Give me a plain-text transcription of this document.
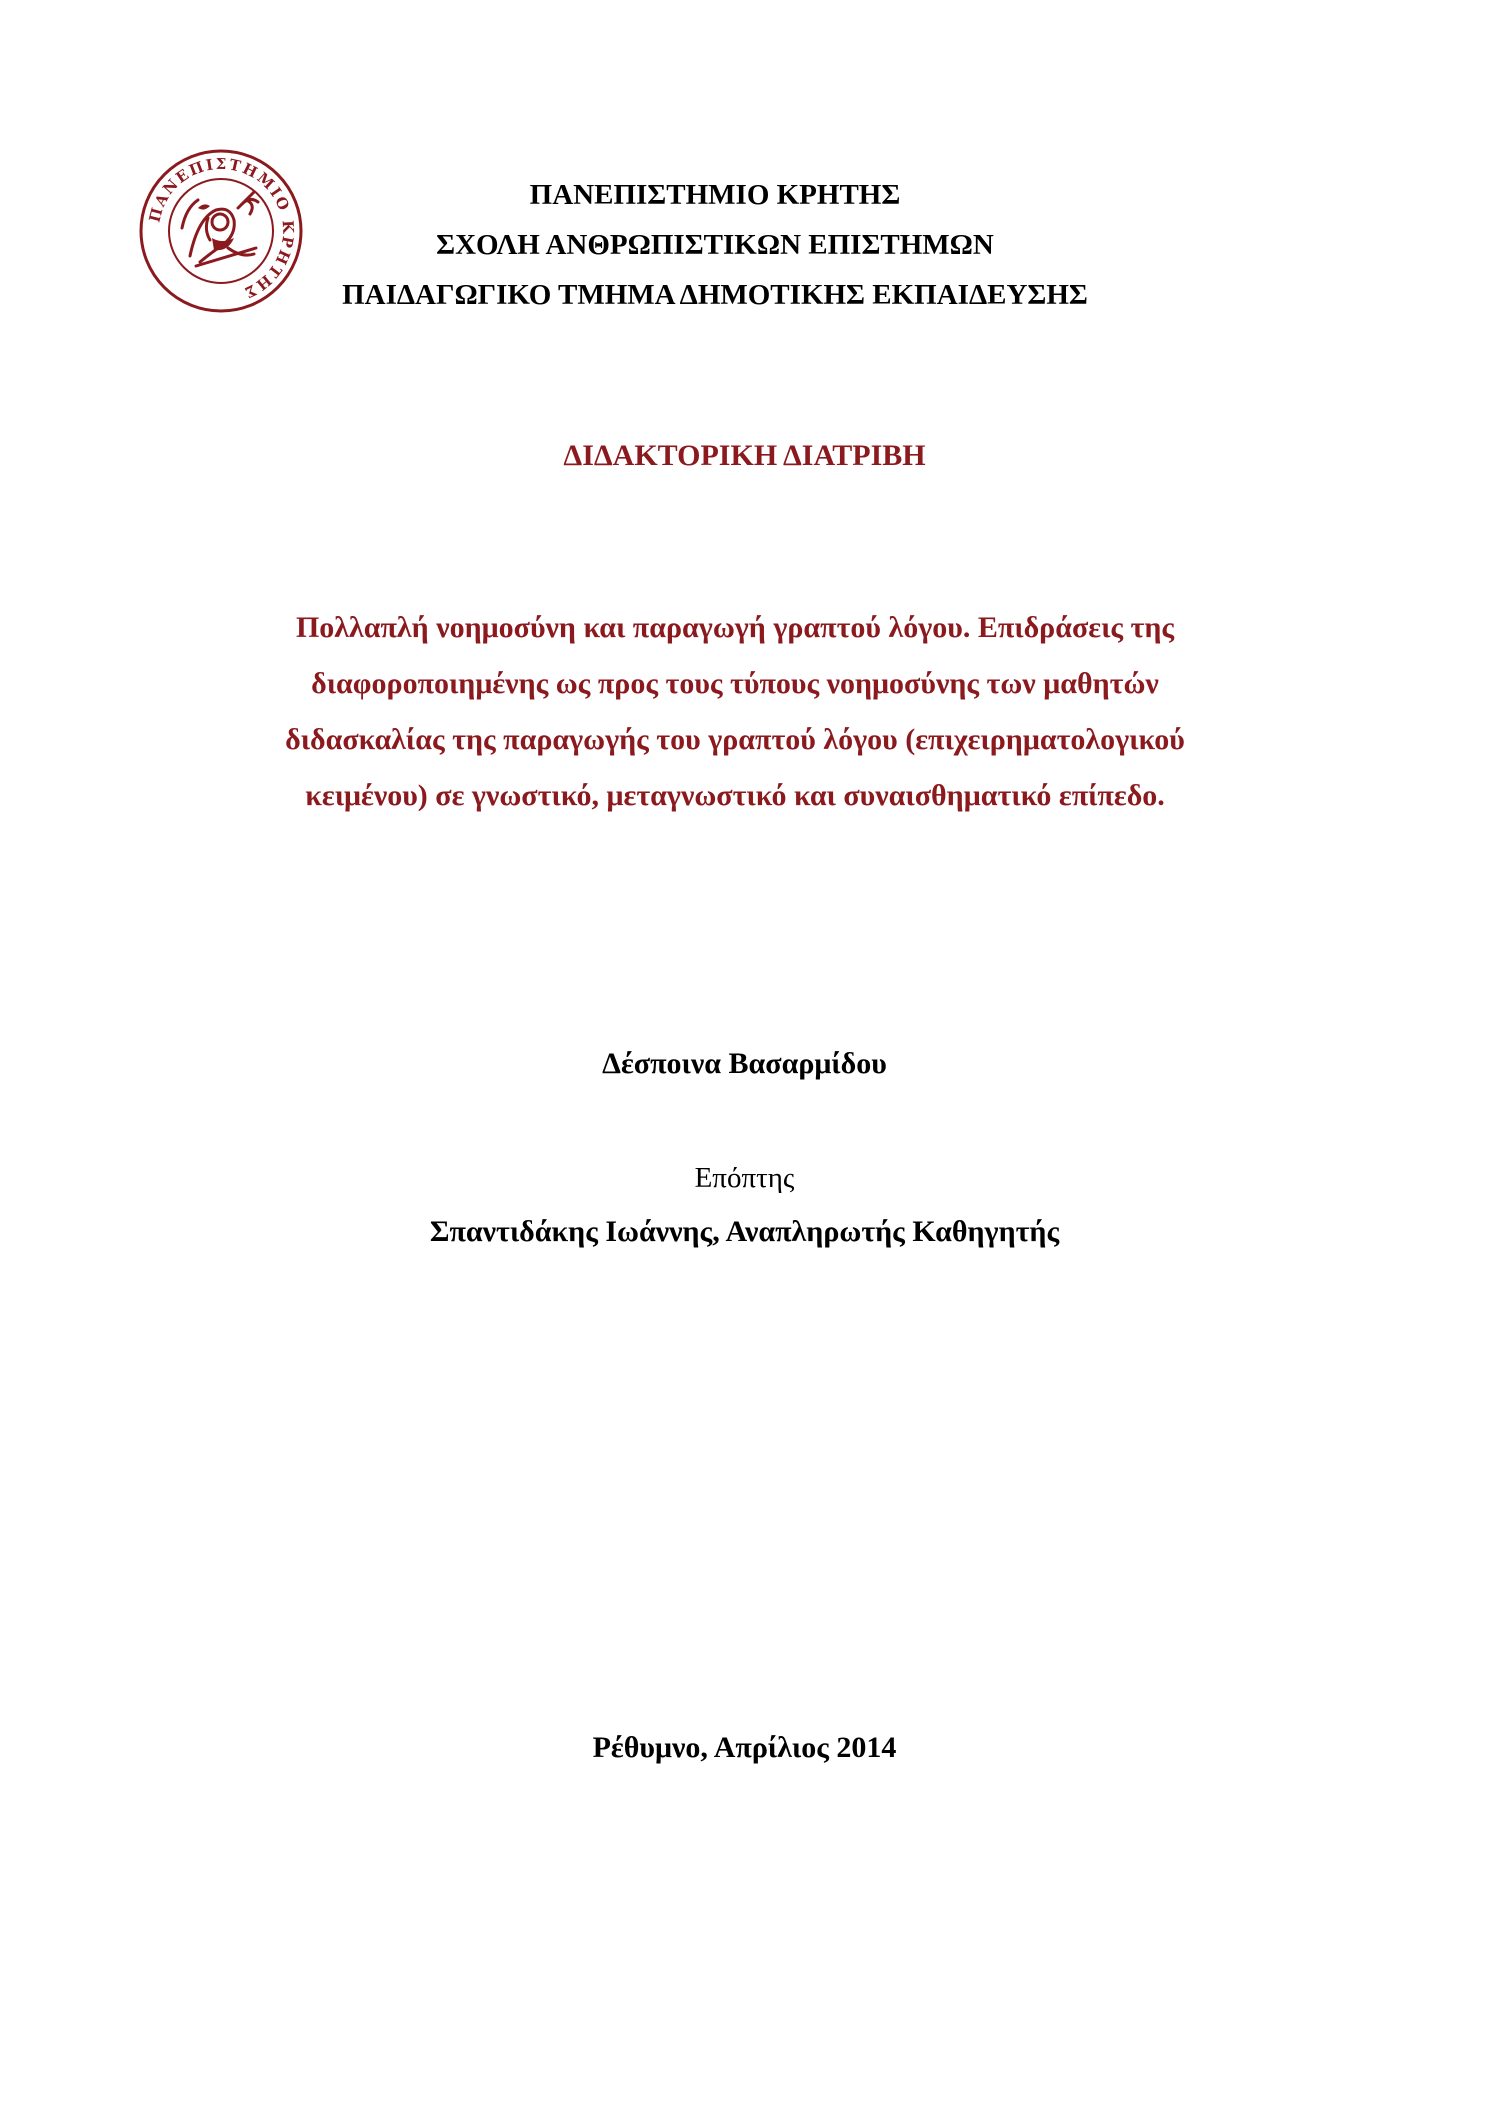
ΠΑΝΕΠΙΣΤΗΜΙΟ ΚΡΗΤΗΣ

ΠΑΝΕΠΙΣΤΗΜΙΟ ΚΡΗΤΗΣ

ΣΧΟΛΗ ΑΝΘΡΩΠΙΣΤΙΚΩΝ ΕΠΙΣΤΗΜΩΝ

ΠΑΙΔΑΓΩΓΙΚΟ ΤΜΗΜΑ ΔΗΜΟΤΙΚΗΣ ΕΚΠΑΙΔΕΥΣΗΣ

ΔΙΔΑΚΤΟΡΙΚΗ ΔΙΑΤΡΙΒΗ
Πολλαπλή νοημοσύνη και παραγωγή γραπτού λόγου. Επιδράσεις της
διαφοροποιημένης ως προς τους τύπους νοημοσύνης των μαθητών
διδασκαλίας της παραγωγής του γραπτού λόγου (επιχειρηματολογικού
κειμένου) σε γνωστικό, μεταγνωστικό και συναισθηματικό επίπεδο.
Δέσποινα Βασαρμίδου
Επόπτης
Σπαντιδάκης Ιωάννης, Αναπληρωτής Καθηγητής
Ρέθυμνο, Απρίλιος 2014
